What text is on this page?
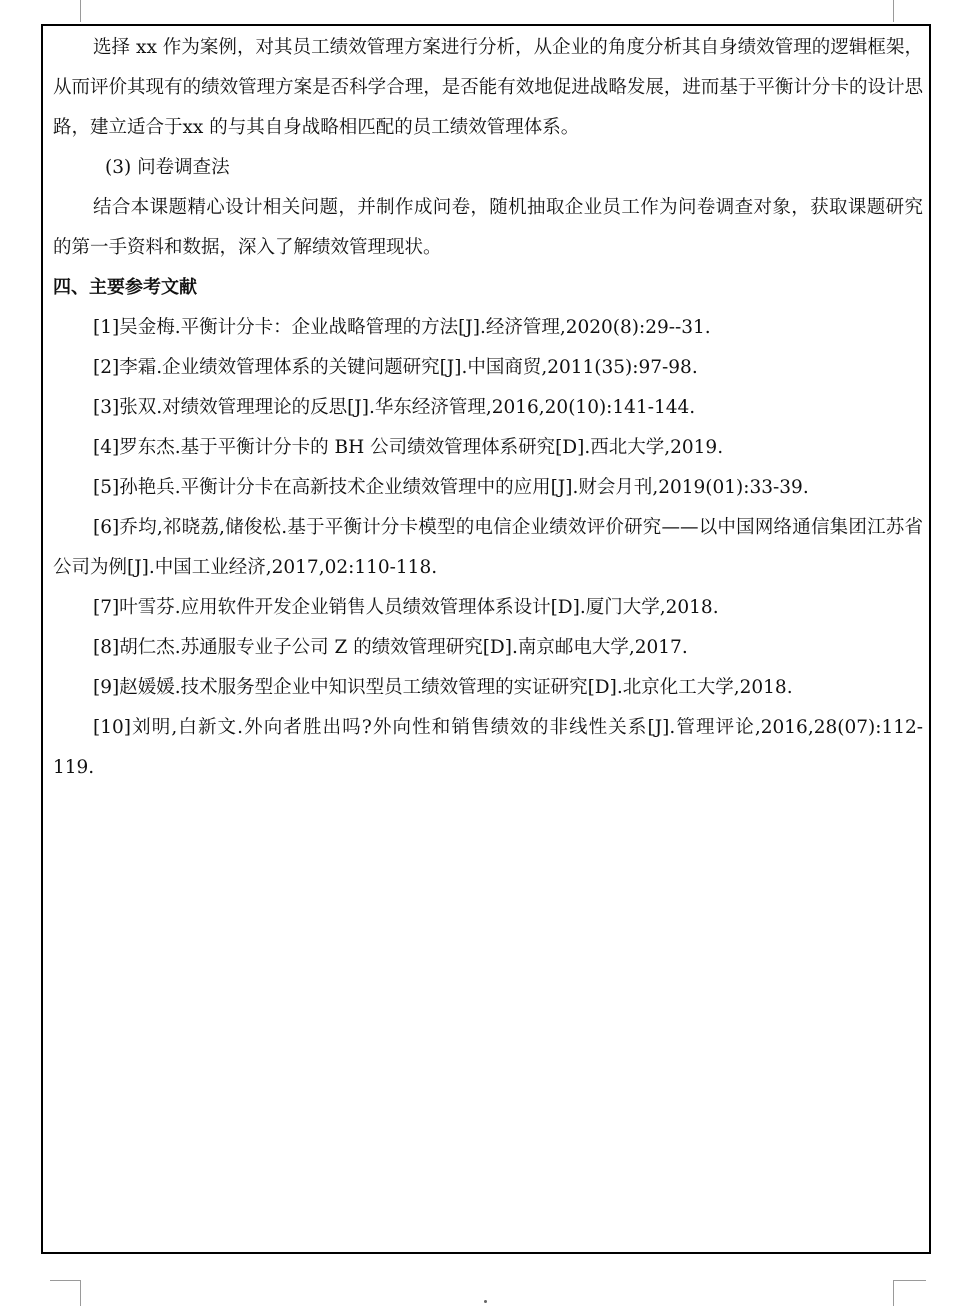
选择 xx 作为案例，对其员工绩效管理方案进行分析，从企业的角度分析其自身绩效管理的逻辑框架，从而评价其现有的绩效管理方案是否科学合理，是否能有效地促进战略发展，进而基于平衡计分卡的设计思路，建立适合于xx 的与其自身战略相匹配的员工绩效管理体系。

(3) 问卷调查法

结合本课题精心设计相关问题，并制作成问卷，随机抽取企业员工作为问卷调查对象，获取课题研究的第一手资料和数据，深入了解绩效管理现状。

四、主要参考文献

[1]吴金梅.平衡计分卡：企业战略管理的方法[J].经济管理,2020(8):29--31.

[2]李霜.企业绩效管理体系的关键问题研究[J].中国商贸,2011(35):97-98.

[3]张双.对绩效管理理论的反思[J].华东经济管理,2016,20(10):141-144.

[4]罗东杰.基于平衡计分卡的 BH 公司绩效管理体系研究[D].西北大学,2019.

[5]孙艳兵.平衡计分卡在高新技术企业绩效管理中的应用[J].财会月刊,2019(01):33-39.

[6]乔均,祁晓荔,储俊松.基于平衡计分卡模型的电信企业绩效评价研究——以中国网络通信集团江苏省公司为例[J].中国工业经济,2017,02:110-118.

[7]叶雪芬.应用软件开发企业销售人员绩效管理体系设计[D].厦门大学,2018.

[8]胡仁杰.苏通服专业子公司 Z 的绩效管理研究[D].南京邮电大学,2017.

[9]赵媛媛.技术服务型企业中知识型员工绩效管理的实证研究[D].北京化工大学,2018.

[10]刘明,白新文.外向者胜出吗?外向性和销售绩效的非线性关系[J].管理评论,2016,28(07):112-119.
